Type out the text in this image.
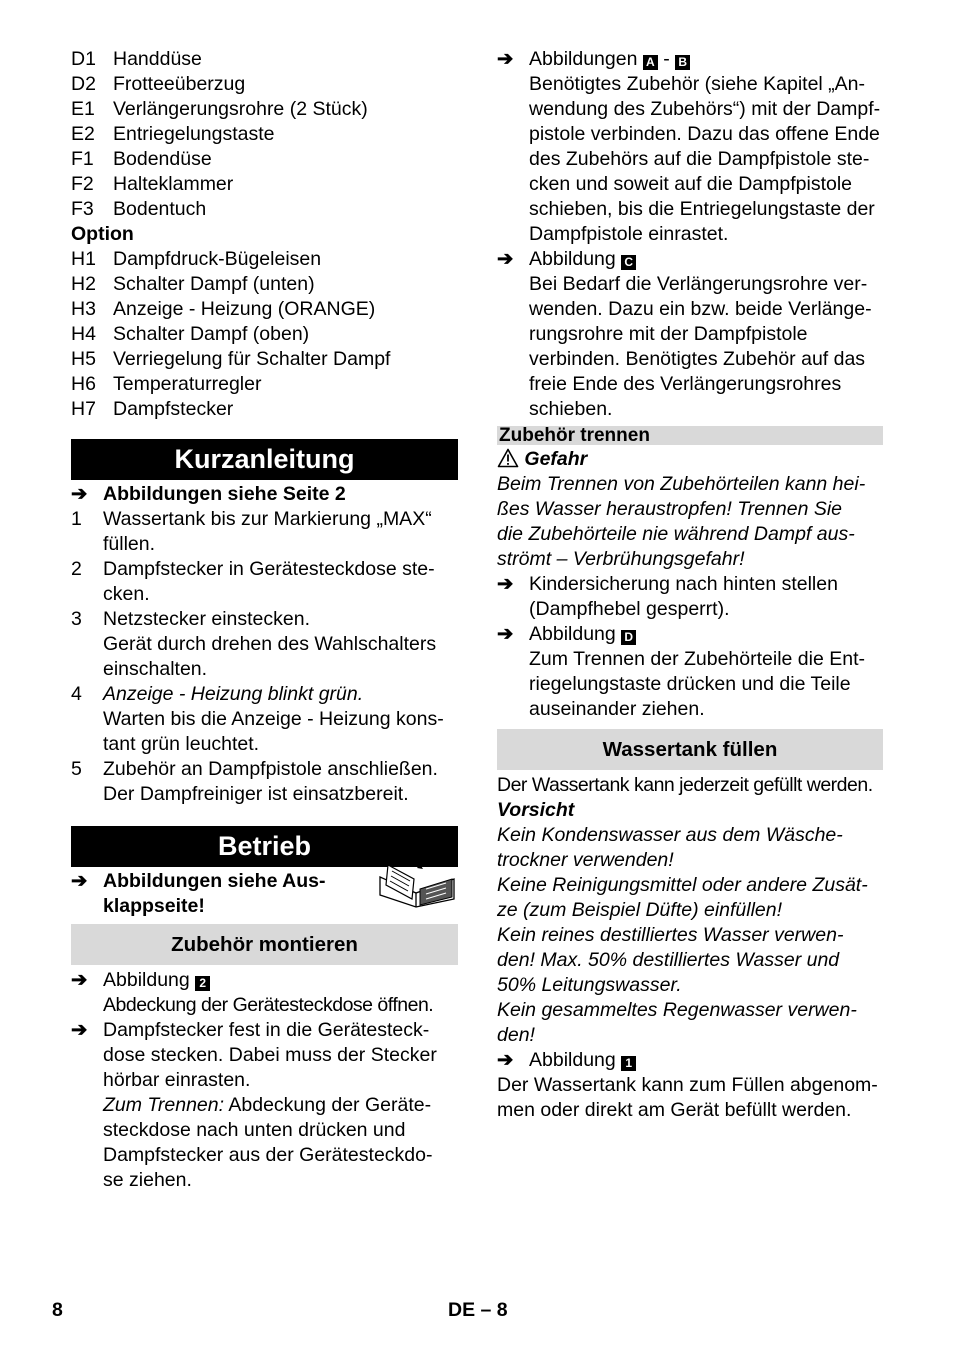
D1 Handdüse
D2 Frotteeüberzug
E1 Verlängerungsrohre (2 Stück)
E2 Entriegelungstaste
F1 Bodendüse
F2 Halteklammer
F3 Bodentuch
Option
H1 Dampfdruck-Bügeleisen
H2 Schalter Dampf (unten)
H3 Anzeige - Heizung (ORANGE)
H4 Schalter Dampf (oben)
H5 Verriegelung für Schalter Dampf
H6 Temperaturregler
H7 Dampfstecker
Kurzanleitung
➔ Abbildungen siehe Seite 2
1 Wassertank bis zur Markierung „MAX“
füllen.
2 Dampfstecker in Gerätesteckdose ste-
cken.
3 Netzstecker einstecken.
Gerät durch drehen des Wahlschalters
einschalten.
4 Anzeige - Heizung blinkt grün.
Warten bis die Anzeige - Heizung kons-
tant grün leuchtet.
5 Zubehör an Dampfpistole anschließen.
Der Dampfreiniger ist einsatzbereit.
Betrieb
➔ Abbildungen siehe Aus-
klappseite!
Zubehör montieren
➔ Abbildung 2
Abdeckung der Gerätesteckdose öffnen.
➔ Dampfstecker fest in die Gerätesteck-
dose stecken. Dabei muss der Stecker
hörbar einrasten.
Zum Trennen: Abdeckung der Geräte-
steckdose nach unten drücken und
Dampfstecker aus der Gerätesteckdo-
se ziehen.
➔ Abbildungen A - B
Benötigtes Zubehör (siehe Kapitel „An-
wendung des Zubehörs“) mit der Dampf-
pistole verbinden. Dazu das offene Ende
des Zubehörs auf die Dampfpistole ste-
cken und soweit auf die Dampfpistole
schieben, bis die Entriegelungstaste der
Dampfpistole einrastet.
➔ Abbildung C
Bei Bedarf die Verlängerungsrohre ver-
wenden. Dazu ein bzw. beide Verlänge-
rungsrohre mit der Dampfpistole
verbinden. Benötigtes Zubehör auf das
freie Ende des Verlängerungsrohres
schieben.
Zubehör trennen
Gefahr
Beim Trennen von Zubehörteilen kann hei-
ßes Wasser heraustropfen! Trennen Sie
die Zubehörteile nie während Dampf aus-
strömt – Verbrühungsgefahr!
➔ Kindersicherung nach hinten stellen
(Dampfhebel gesperrt).
➔ Abbildung D
Zum Trennen der Zubehörteile die Ent-
riegelungstaste drücken und die Teile
auseinander ziehen.
Wassertank füllen
Der Wassertank kann jederzeit gefüllt werden.
Vorsicht
Kein Kondenswasser aus dem Wäsche-
trockner verwenden!
Keine Reinigungsmittel oder andere Zusät-
ze (zum Beispiel Düfte) einfüllen!
Kein reines destilliertes Wasser verwen-
den! Max. 50% destilliertes Wasser und
50% Leitungswasser.
Kein gesammeltes Regenwasser verwen-
den!
➔ Abbildung 1
Der Wassertank kann zum Füllen abgenom-
men oder direkt am Gerät befüllt werden.
8	DE – 8
